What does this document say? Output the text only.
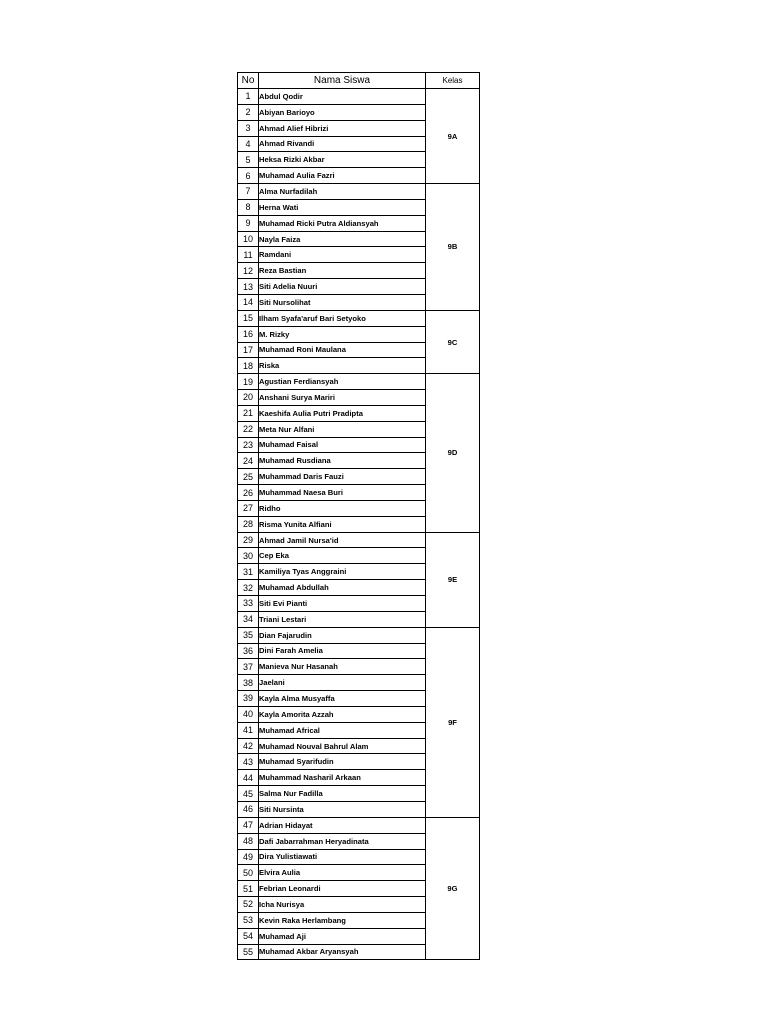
No	Nama Siswa	Kelas
1	Abdul Qodir	9A
2	Abiyan Barioyo	
3	Ahmad Alief Hibrizi	
4	Ahmad Rivandi	
5	Heksa Rizki Akbar	
6	Muhamad Aulia Fazri	
7	Alma Nurfadilah	9B
8	Herna Wati	
9	Muhamad Ricki Putra Aldiansyah	
10	Nayla Faiza	
11	Ramdani	
12	Reza Bastian	
13	Siti Adelia Nuuri	
14	Siti Nursolihat	
15	Ilham Syafa'aruf Bari Setyoko	9C
16	M. Rizky	
17	Muhamad Roni Maulana	
18	Riska	
19	Agustian Ferdiansyah	9D
20	Anshani Surya Mariri	
21	Kaeshifa Aulia Putri Pradipta	
22	Meta Nur Alfani	
23	Muhamad Faisal	
24	Muhamad Rusdiana	
25	Muhammad Daris Fauzi	
26	Muhammad Naesa Buri	
27	Ridho	
28	Risma Yunita Alfiani	
29	Ahmad Jamil Nursa'id	9E
30	Cep Eka	
31	Kamiliya Tyas Anggraini	
32	Muhamad Abdullah	
33	Siti Evi Pianti	
34	Triani Lestari	
35	Dian Fajarudin	9F
36	Dini Farah Amelia	
37	Manieva Nur Hasanah	
38	Jaelani	
39	Kayla Alma Musyaffa	
40	Kayla Amorita Azzah	
41	Muhamad Africal	
42	Muhamad Nouval Bahrul Alam	
43	Muhamad Syarifudin	
44	Muhammad Nasharil Arkaan	
45	Salma Nur Fadilla	
46	Siti Nursinta	
47	Adrian Hidayat	9G
48	Dafi Jabarrahman Heryadinata	
49	Dira Yulistiawati	
50	Elvira Aulia	
51	Febrian Leonardi	
52	Icha Nurisya	
53	Kevin Raka Herlambang	
54	Muhamad Aji	
55	Muhamad Akbar Aryansyah	
